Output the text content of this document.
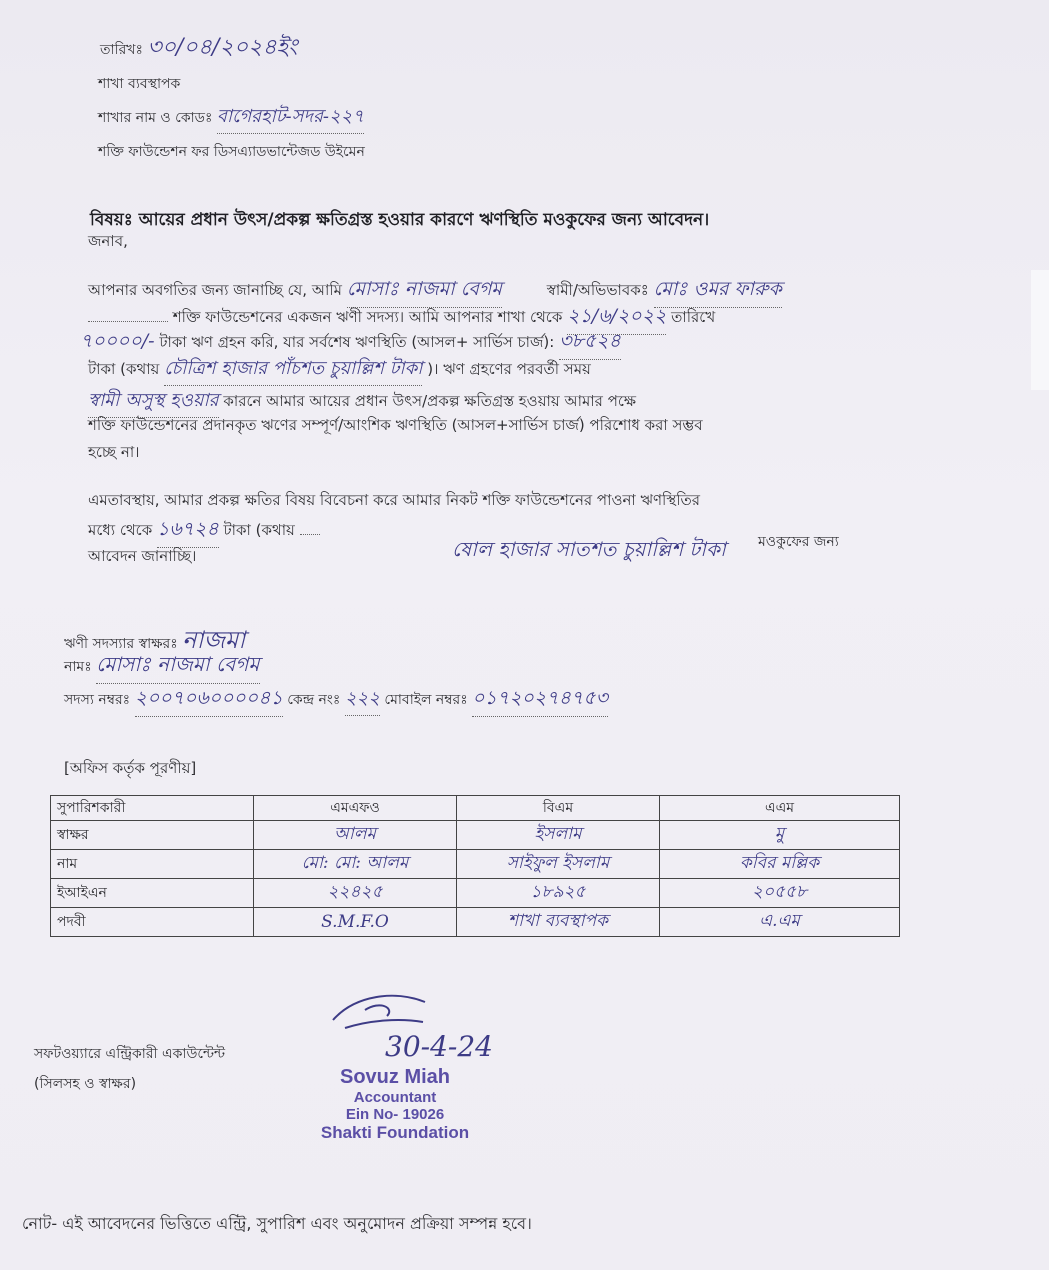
তারিখঃ ৩০/০৪/২০২৪ইং
শাখা ব্যবস্থাপক
শাখার নাম ও কোডঃ বাগেরহাট-সদর-২২৭
শক্তি ফাউন্ডেশন ফর ডিসএ্যাডভান্টেজড উইমেন
বিষয়ঃ আয়ের প্রধান উৎস/প্রকল্প ক্ষতিগ্রস্ত হওয়ার কারণে ঋণস্থিতি মওকুফের জন্য আবেদন।
জনাব,
আপনার অবগতির জন্য জানাচ্ছি যে, আমি মোসাঃ নাজমা বেগম	স্বামী/অভিভাবকঃ মোঃ ওমর ফারুক
শক্তি ফাউন্ডেশনের একজন ঋণী সদস্য। আমি আপনার শাখা থেকে ২১/৬/২০২২ তারিখে
৭০০০০/- টাকা ঋণ গ্রহন করি, যার সর্বশেষ ঋণস্থিতি (আসল+ সার্ভিস চার্জ): ৩৮৫২৪
টাকা (কথায় চৌত্রিশ হাজার পাঁচশত চুয়াল্লিশ টাকা )। ঋণ গ্রহণের পরবর্তী সময়
স্বামী অসুস্থ হওয়ার কারনে আমার আয়ের প্রধান উৎস/প্রকল্প ক্ষতিগ্রস্ত হওয়ায় আমার পক্ষে
শক্তি ফাউন্ডেশনের প্রদানকৃত ঋণের সম্পূর্ণ/আংশিক ঋণস্থিতি (আসল+সার্ভিস চার্জ) পরিশোধ করা সম্ভব
হচ্ছে না।
এমতাবস্থায়, আমার প্রকল্প ক্ষতির বিষয় বিবেচনা করে আমার নিকট শক্তি ফাউন্ডেশনের পাওনা ঋণস্থিতির
মধ্যে থেকে ১৬৭২৪ টাকা (কথায়
ষোল হাজার সাতশত চুয়াল্লিশ টাকা মওকুফের জন্য
আবেদন জানাচ্ছি।
ঋণী সদস্যার স্বাক্ষরঃ নাজমা
নামঃ মোসাঃ নাজমা বেগম
সদস্য নম্বরঃ ২০০৭০৬০০০০৪১ কেন্দ্র নংঃ ২২২ মোবাইল নম্বরঃ ০১৭২০২৭৪৭৫৩
[অফিস কর্তৃক পূরণীয়]
সুপারিশকারী	এমএফও	বিএম	এএম
স্বাক্ষর	আলম	ইসলাম	মু
নাম	মো: মো: আলম	সাইফুল ইসলাম	কবির মল্লিক
ইআইএন	২২৪২৫	১৮৯২৫	২০৫৫৮
পদবী	S.M.F.O	শাখা ব্যবস্থাপক	এ.এম
সফটওয়্যারে এন্ট্রিকারী একাউন্টেন্ট
(সিলসহ ও স্বাক্ষর)
30-4-24
Sovuz Miah
Accountant
Ein No- 19026
Shakti Foundation
নোট- এই আবেদনের ভিত্তিতে এন্ট্রি, সুপারিশ এবং অনুমোদন প্রক্রিয়া সম্পন্ন হবে।
